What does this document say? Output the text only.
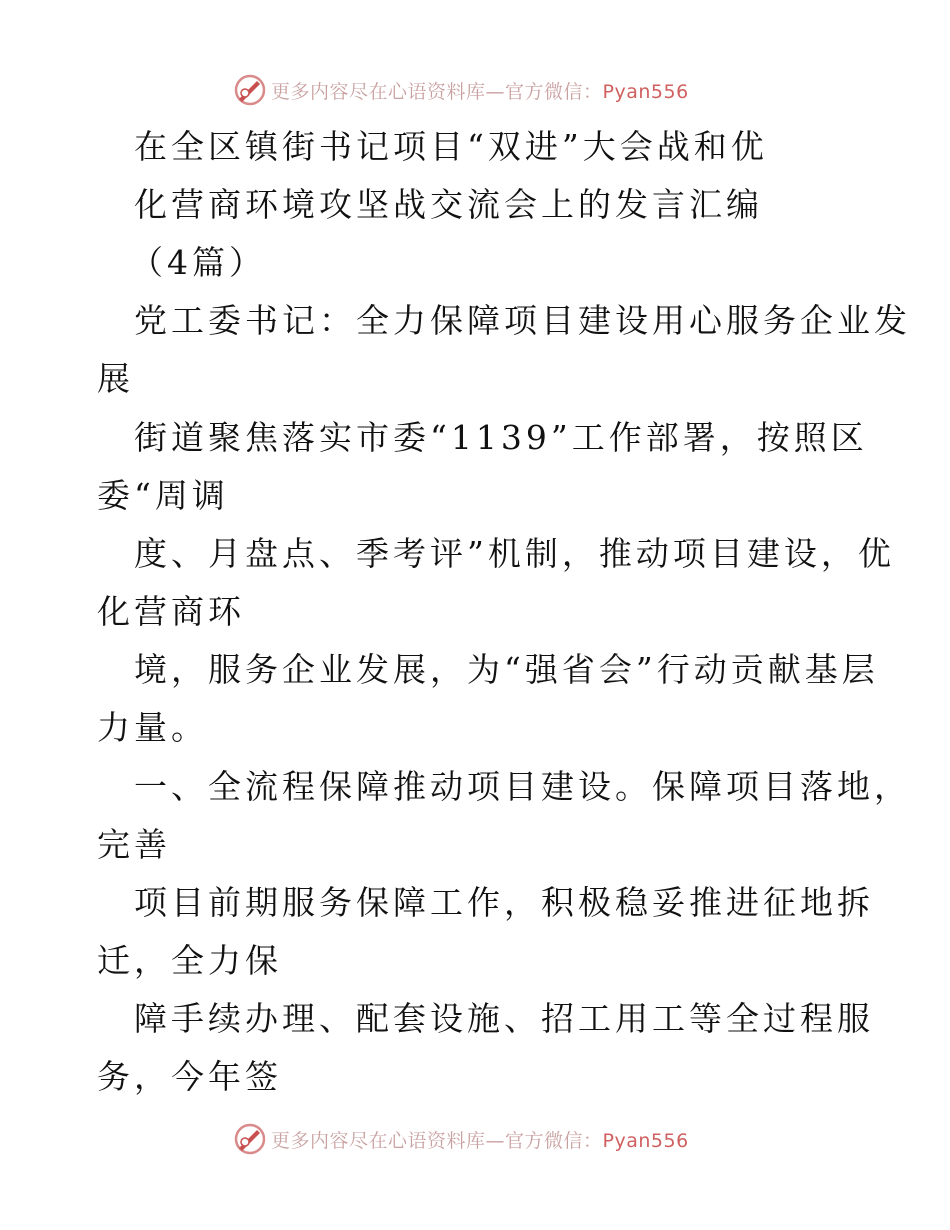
更多内容尽在心语资料库—官方微信：Pyan556
在全区镇街书记项目“双进”大会战和优
化营商环境攻坚战交流会上的发言汇编
（4篇）
党工委书记：全力保障项目建设用心服务企业发
展
街道聚焦落实市委“1139”工作部署，按照区
委“周调
度、月盘点、季考评”机制，推动项目建设，优
化营商环
境，服务企业发展，为“强省会”行动贡献基层
力量。
一、全流程保障推动项目建设。保障项目落地，
完善
项目前期服务保障工作，积极稳妥推进征地拆
迁，全力保
障手续办理、配套设施、招工用工等全过程服
务，今年签
更多内容尽在心语资料库—官方微信：Pyan556
